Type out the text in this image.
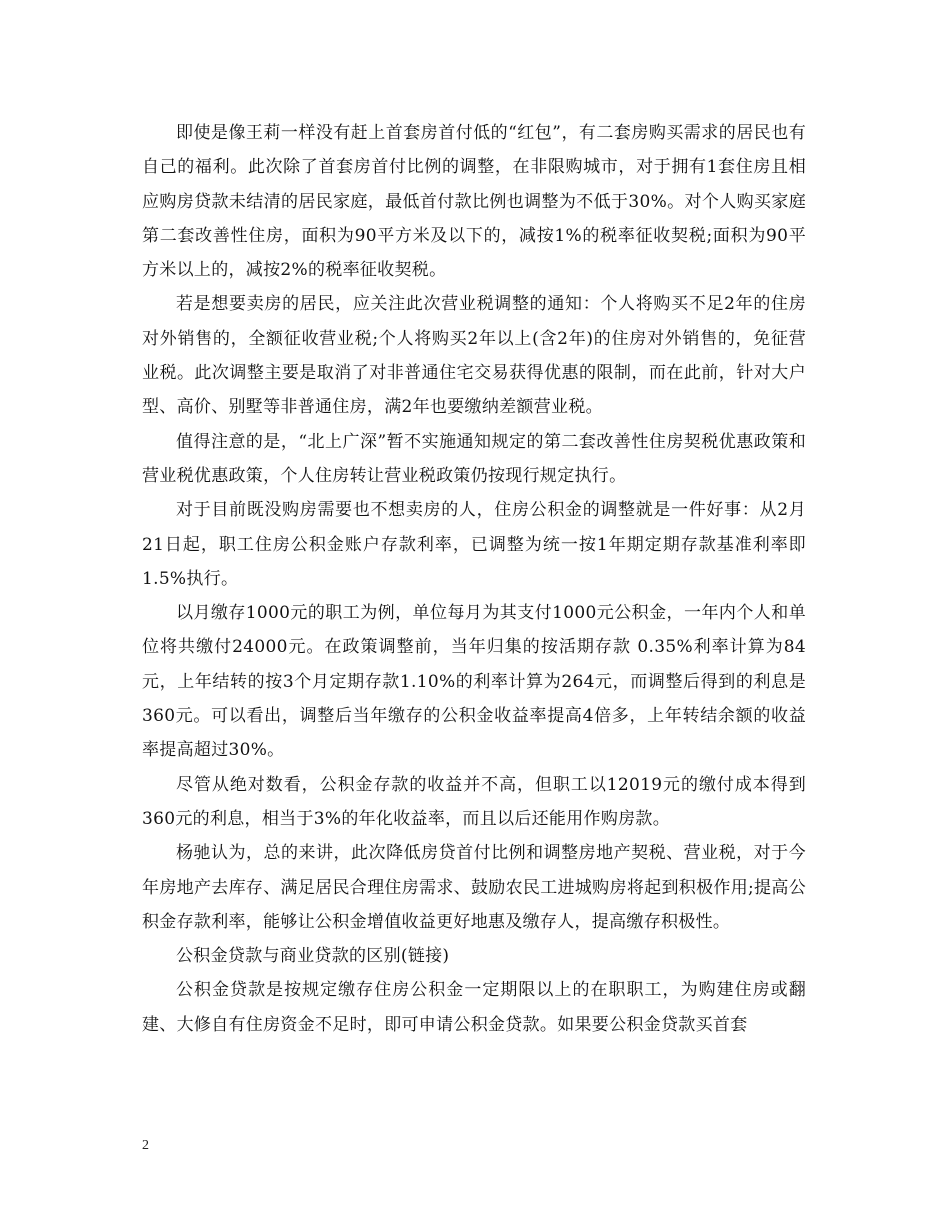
即使是像王莉一样没有赶上首套房首付低的“红包”，有二套房购买需求的居民也有自己的福利。此次除了首套房首付比例的调整，在非限购城市，对于拥有1套住房且相应购房贷款未结清的居民家庭，最低首付款比例也调整为不低于30%。对个人购买家庭第二套改善性住房，面积为90平方米及以下的，减按1%的税率征收契税;面积为90平方米以上的，减按2%的税率征收契税。

若是想要卖房的居民，应关注此次营业税调整的通知：个人将购买不足2年的住房对外销售的，全额征收营业税;个人将购买2年以上(含2年)的住房对外销售的，免征营业税。此次调整主要是取消了对非普通住宅交易获得优惠的限制，而在此前，针对大户型、高价、别墅等非普通住房，满2年也要缴纳差额营业税。

值得注意的是，“北上广深”暂不实施通知规定的第二套改善性住房契税优惠政策和营业税优惠政策，个人住房转让营业税政策仍按现行规定执行。

对于目前既没购房需要也不想卖房的人，住房公积金的调整就是一件好事：从2月21日起，职工住房公积金账户存款利率，已调整为统一按1年期定期存款基准利率即1.5%执行。

以月缴存1000元的职工为例，单位每月为其支付1000元公积金，一年内个人和单位将共缴付24000元。在政策调整前，当年归集的按活期存款 0.35%利率计算为84元，上年结转的按3个月定期存款1.10%的利率计算为264元，而调整后得到的利息是360元。可以看出，调整后当年缴存的公积金收益率提高4倍多，上年转结余额的收益率提高超过30%。

尽管从绝对数看，公积金存款的收益并不高，但职工以12019元的缴付成本得到360元的利息，相当于3%的年化收益率，而且以后还能用作购房款。

杨驰认为，总的来讲，此次降低房贷首付比例和调整房地产契税、营业税，对于今年房地产去库存、满足居民合理住房需求、鼓励农民工进城购房将起到积极作用;提高公积金存款利率，能够让公积金增值收益更好地惠及缴存人，提高缴存积极性。

公积金贷款与商业贷款的区别(链接)

公积金贷款是按规定缴存住房公积金一定期限以上的在职职工，为购建住房或翻建、大修自有住房资金不足时，即可申请公积金贷款。如果要公积金贷款买首套

2
